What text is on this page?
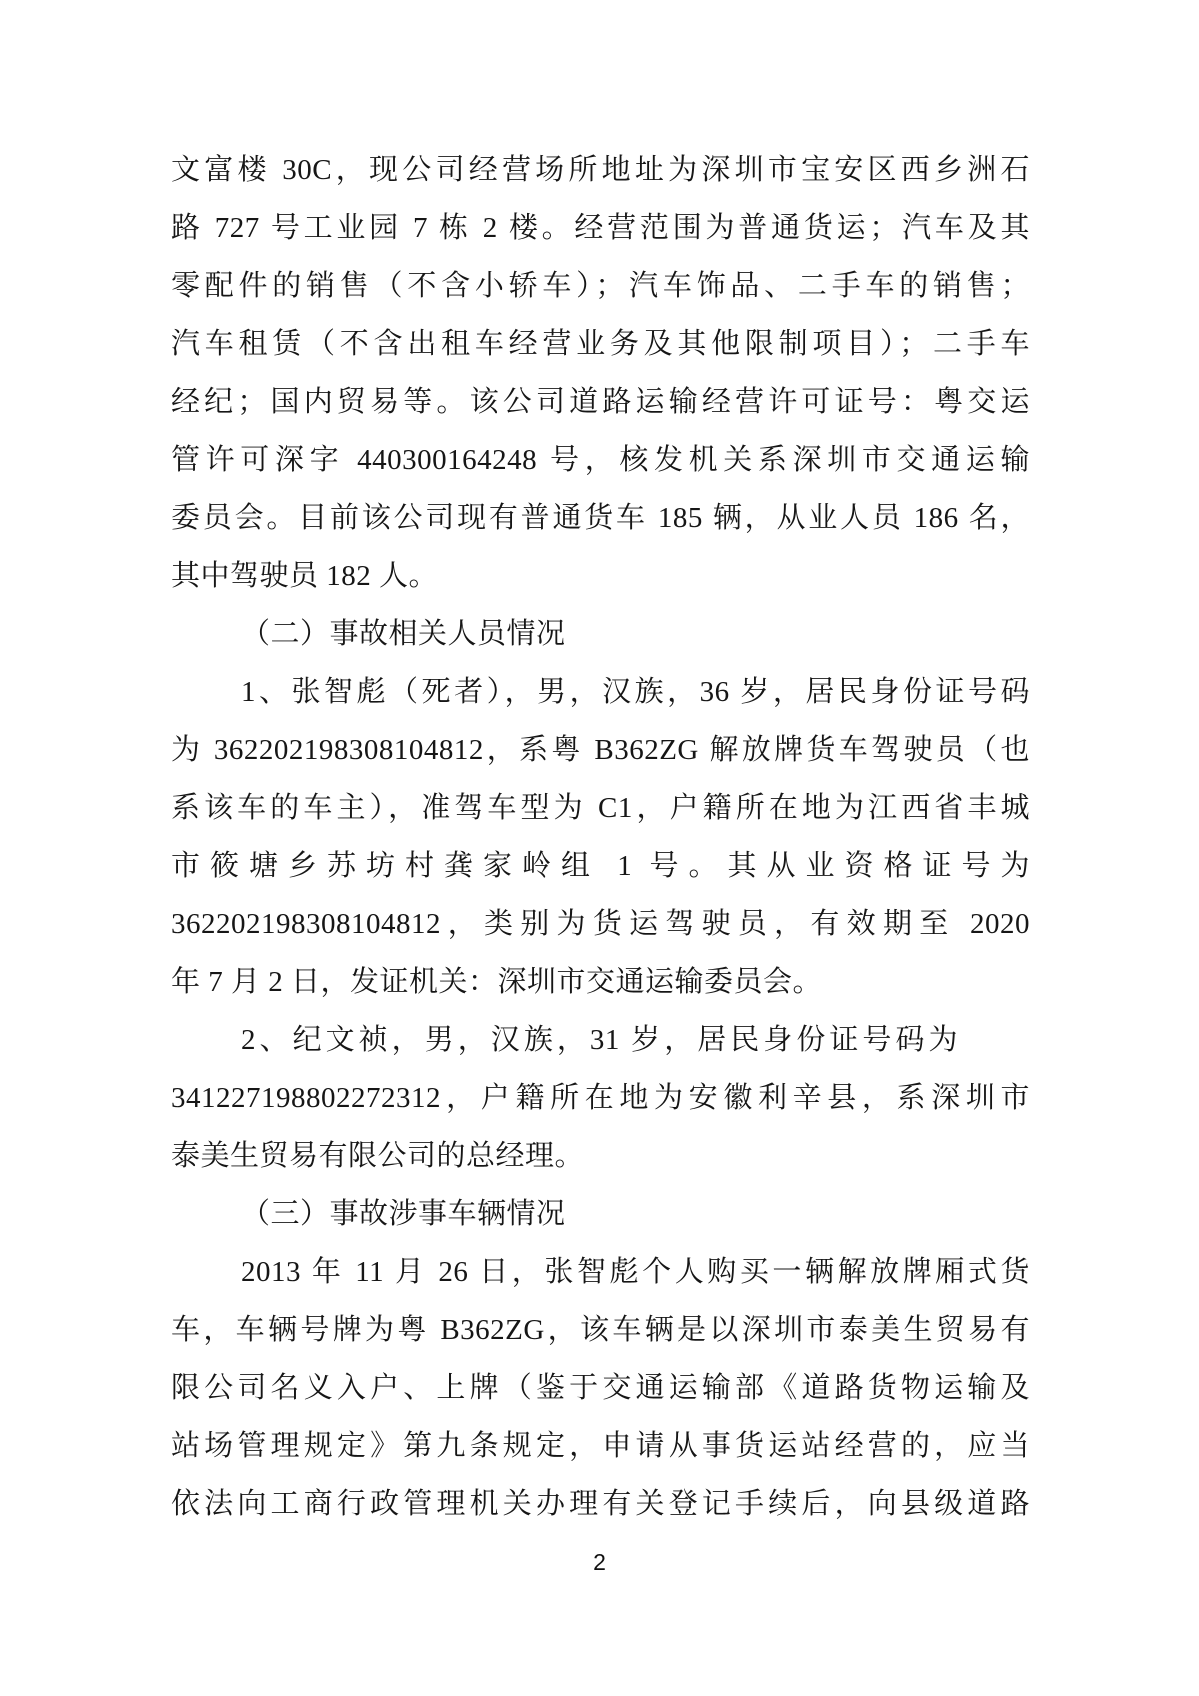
文富楼 30C，现公司经营场所地址为深圳市宝安区西乡洲石
路 727 号工业园 7 栋 2 楼。经营范围为普通货运；汽车及其
零配件的销售（不含小轿车）；汽车饰品、二手车的销售；
汽车租赁（不含出租车经营业务及其他限制项目）；二手车
经纪；国内贸易等。该公司道路运输经营许可证号：粤交运
管许可深字 440300164248 号，核发机关系深圳市交通运输
委员会。目前该公司现有普通货车 185 辆，从业人员 186 名，
其中驾驶员 182 人。
（二）事故相关人员情况
1、张智彪（死者），男，汉族，36 岁，居民身份证号码
为 362202198308104812，系粤 B362ZG 解放牌货车驾驶员（也
系该车的车主），准驾车型为 C1，户籍所在地为江西省丰城
市筱塘乡苏坊村龚家岭组 1 号。其从业资格证号为
362202198308104812，类别为货运驾驶员，有效期至 2020
年 7 月 2 日，发证机关：深圳市交通运输委员会。
2、纪文祯，男，汉族，31 岁，居民身份证号码为
341227198802272312，户籍所在地为安徽利辛县，系深圳市
泰美生贸易有限公司的总经理。
（三）事故涉事车辆情况
2013 年 11 月 26 日，张智彪个人购买一辆解放牌厢式货
车，车辆号牌为粤 B362ZG，该车辆是以深圳市泰美生贸易有
限公司名义入户、上牌（鉴于交通运输部《道路货物运输及
站场管理规定》第九条规定，申请从事货运站经营的，应当
依法向工商行政管理机关办理有关登记手续后，向县级道路
2
